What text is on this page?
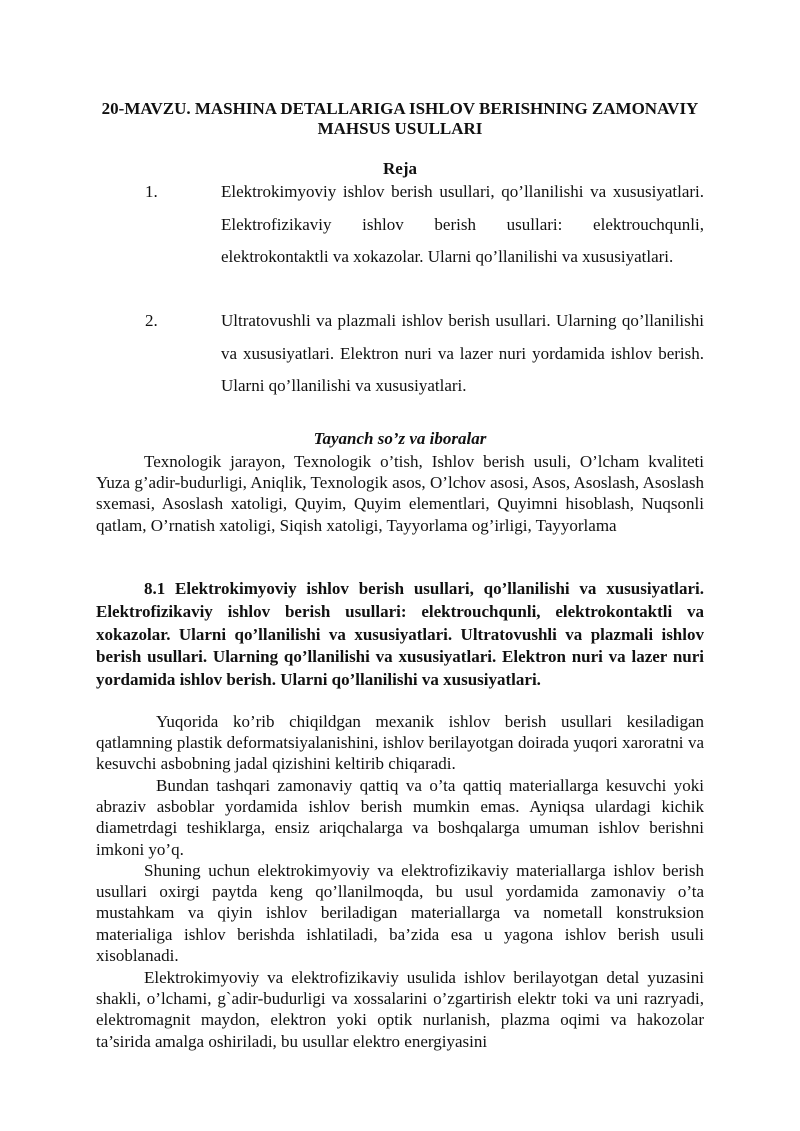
20-MAVZU. MASHINA DETALLARIGA ISHLOV BERISHNING ZAMONAVIY MAHSUS USULLARI
Reja
1.	Elektrokimyoviy ishlov berish usullari, qo’llanilishi va xususiyatlari. Elektrofizikaviy ishlov berish usullari: elektrouchqunli, elektrokontaktli va xokazolar. Ularni qo’llanilishi va xususiyatlari.
2.	Ultratovushli va plazmali ishlov berish usullari. Ularning qo’llanilishi va xususiyatlari. Elektron nuri va lazer nuri yordamida ishlov berish. Ularni qo’llanilishi va xususiyatlari.
Tayanch so’z va iboralar

Texnologik jarayon, Texnologik o’tish, Ishlov berish usuli, O’lcham kvaliteti Yuza g’adir-budurligi, Aniqlik, Texnologik asos, O’lchov asosi, Asos, Asoslash, Asoslash sxemasi, Asoslash xatoligi, Quyim, Quyim elementlari, Quyimni hisoblash, Nuqsonli qatlam, O’rnatish xatoligi, Siqish xatoligi, Tayyorlama og’irligi, Tayyorlama

8.1 Elektrokimyoviy ishlov berish usullari, qo’llanilishi va xususiyatlari. Elektrofizikaviy ishlov berish usullari: elektrouchqunli, elektrokontaktli va xokazolar. Ularni qo’llanilishi va xususiyatlari. Ultratovushli va plazmali ishlov berish usullari. Ularning qo’llanilishi va xususiyatlari. Elektron nuri va lazer nuri yordamida ishlov berish. Ularni qo’llanilishi va xususiyatlari.

Yuqorida ko’rib chiqildgan mexanik ishlov berish usullari kesiladigan qatlamning plastik deformatsiyalanishini, ishlov berilayotgan doirada yuqori xaroratni va kesuvchi asbobning jadal qizishini keltirib chiqaradi.

Bundan tashqari zamonaviy qattiq va o’ta qattiq materiallarga kesuvchi yoki abraziv asboblar yordamida ishlov berish mumkin emas. Ayniqsa ulardagi kichik diametrdagi teshiklarga, ensiz ariqchalarga va boshqalarga umuman ishlov berishni imkoni yo’q.

Shuning uchun elektrokimyoviy va elektrofizikaviy materiallarga ishlov berish usullari oxirgi paytda keng qo’llanilmoqda, bu usul yordamida zamonaviy o’ta mustahkam va qiyin ishlov beriladigan materiallarga va nometall konstruksion materialiga ishlov berishda ishlatiladi, ba’zida esa u yagona ishlov berish usuli xisoblanadi.

Elektrokimyoviy va elektrofizikaviy usulida ishlov berilayotgan detal yuzasini shakli, o’lchami, g`adir-budurligi va xossalarini o’zgartirish elektr toki va uni razryadi, elektromagnit maydon, elektron yoki optik nurlanish, plazma oqimi va hakozolar ta’sirida amalga oshiriladi, bu usullar elektro energiyasini
